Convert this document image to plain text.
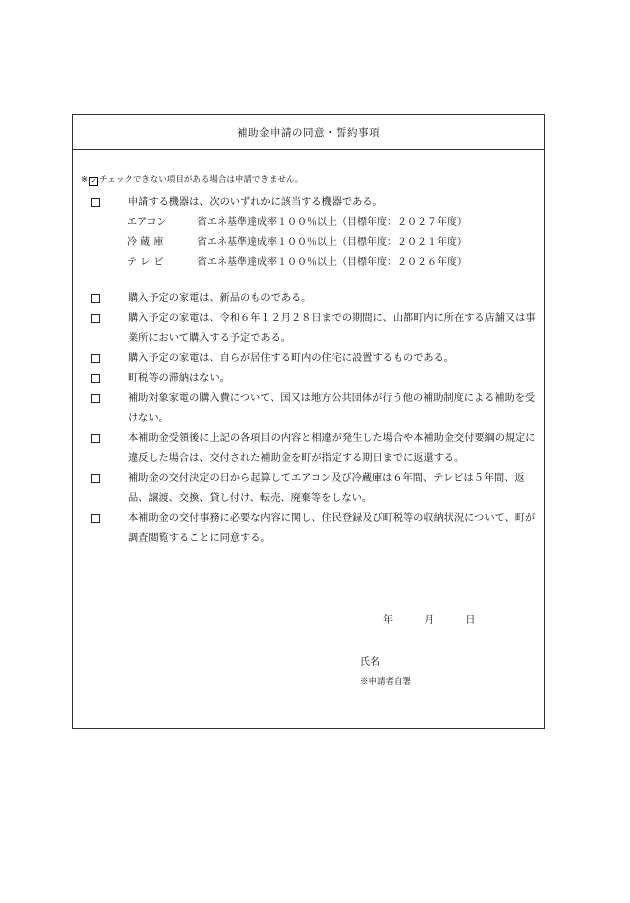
補助金申請の同意・誓約事項
※ ✓ チェックできない項目がある場合は申請できません。
申請する機器は、次のいずれかに該当する機器である。
エアコン	省エネ基準達成率１００％以上（目標年度：２０２７年度）
冷 蔵 庫	省エネ基準達成率１００％以上（目標年度：２０２１年度）
テ レ ビ	省エネ基準達成率１００％以上（目標年度：２０２６年度）
購入予定の家電は、新品のものである。
購入予定の家電は、令和６年１２月２８日までの期間に、山都町内に所在する店舗又は事業所において購入する予定である。
購入予定の家電は、自らが居住する町内の住宅に設置するものである。
町税等の滞納はない。
補助対象家電の購入費について、国又は地方公共団体が行う他の補助制度による補助を受けない。
本補助金受領後に上記の各項目の内容と相違が発生した場合や本補助金交付要綱の規定に違反した場合は、交付された補助金を町が指定する期日までに返還する。
補助金の交付決定の日から起算してエアコン及び冷蔵庫は６年間、テレビは５年間、返品、譲渡、交換、貸し付け、転売、廃棄等をしない。
本補助金の交付事務に必要な内容に関し、住民登録及び町税等の収納状況について、町が調査閲覧することに同意する。
年	月	日
氏名
※申請者自署
